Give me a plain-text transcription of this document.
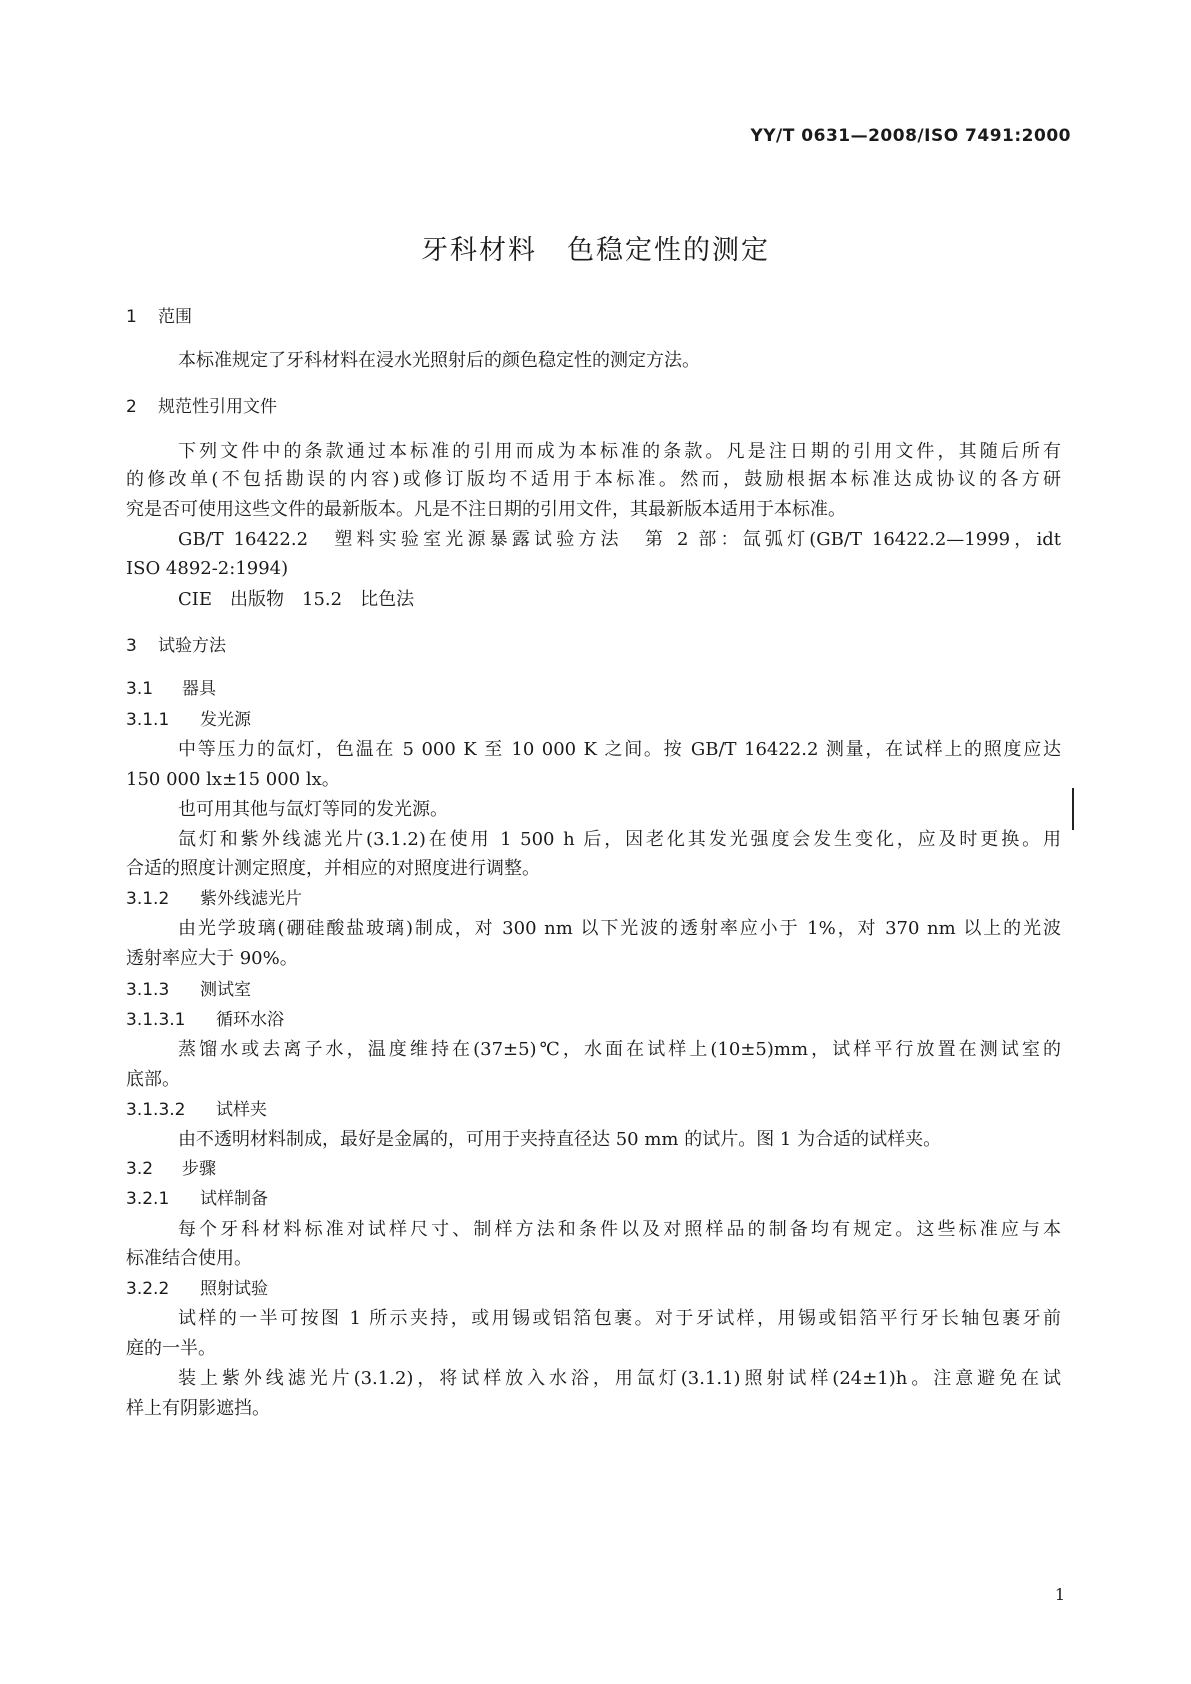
YY/T 0631—2008/ISO 7491:2000

牙科材料 色稳定性的测定

1 范围

本标准规定了牙科材料在浸水光照射后的颜色稳定性的测定方法。

2 规范性引用文件

下列文件中的条款通过本标准的引用而成为本标准的条款。凡是注日期的引用文件，其随后所有

的修改单(不包括勘误的内容)或修订版均不适用于本标准。然而，鼓励根据本标准达成协议的各方研

究是否可使用这些文件的最新版本。凡是不注日期的引用文件，其最新版本适用于本标准。

GB/T 16422.2　塑料实验室光源暴露试验方法　第 2 部：氙弧灯(GB/T 16422.2—1999，idt

ISO 4892-2:1994)

CIE　出版物　15.2　比色法

3 试验方法

3.1 器具

3.1.1 发光源

中等压力的氙灯，色温在 5 000 K 至 10 000 K 之间。按 GB/T 16422.2 测量，在试样上的照度应达

150 000 lx±15 000 lx。

也可用其他与氙灯等同的发光源。

氙灯和紫外线滤光片(3.1.2)在使用 1 500 h 后，因老化其发光强度会发生变化，应及时更换。用

合适的照度计测定照度，并相应的对照度进行调整。

3.1.2 紫外线滤光片

由光学玻璃(硼硅酸盐玻璃)制成，对 300 nm 以下光波的透射率应小于 1%，对 370 nm 以上的光波

透射率应大于 90%。

3.1.3 测试室

3.1.3.1 循环水浴

蒸馏水或去离子水，温度维持在(37±5)℃，水面在试样上(10±5)mm，试样平行放置在测试室的

底部。

3.1.3.2 试样夹

由不透明材料制成，最好是金属的，可用于夹持直径达 50 mm 的试片。图 1 为合适的试样夹。

3.2 步骤

3.2.1 试样制备

每个牙科材料标准对试样尺寸、制样方法和条件以及对照样品的制备均有规定。这些标准应与本

标准结合使用。

3.2.2 照射试验

试样的一半可按图 1 所示夹持，或用锡或铝箔包裹。对于牙试样，用锡或铝箔平行牙长轴包裹牙前

庭的一半。

装上紫外线滤光片(3.1.2)，将试样放入水浴，用氙灯(3.1.1)照射试样(24±1)h。注意避免在试

样上有阴影遮挡。

1
